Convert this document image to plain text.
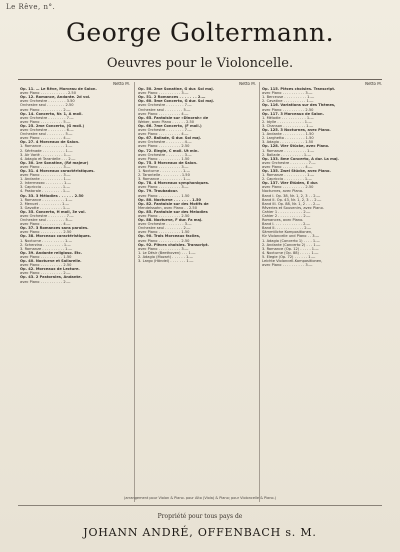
Le Rêve, n°.
George Goltermann.
Oeuvres pour le Violoncelle.
Netto M.
Op. 11. — Le Rêve, Morceau de Salon.
avec Piano . . . . . . . . . . . . 2.50
Op. 12. Romance, Andante. 2d vol.
avec Orchestre . . . . . . . . 3.50
Orchestre seul . . . . . . . . 2.50
avec Piano . . . . . . . . . . 2.—
Op. 14. Concerto, Nr. 1, A moll.
avec Orchestre . . . . . . . . 7.—
avec Piano . . . . . . . . . . 5.—
Op. 25. 2me Concerto, (G moll.)
avec Orchestre . . . . . . . . 6.—
Orchestre seul . . . . . . . . 5.—
avec Piano . . . . . . . . . . 4.—
Op. 27. 4 Morceaux de Salon.
1. Romance . . . . . . . . . . 1.—
2. Sérénade . . . . . . . . . . 1.—
3. Air Varié . . . . . . . . . . 1.—
4. Adagio et Tarantelle . . . 2.—
Op. 30. 1re Sonatine, (Ré majeur)
avec Piano . . . . . . . . . . 3.—
Op. 31. 4 Morceaux caractéristiques.
avec Piano . . . . . . . . . . 3.—
1. Andante . . . . . . . . . . 1.—
2. Intermezzo . . . . . . . . 1.—
3. Capriccio . . . . . . . . . 1.—
4. Pastorale . . . . . . . . . 1.—
Op. 33. 3 Mélodies . . . . . . 2.50
1. Romance . . . . . . . . . . 1.—
2. Menuet . . . . . . . . . . 1.—
3. Gavotte . . . . . . . . . . 1.—
Op. 35. Concerto, H moll, 3e vol.
avec Orchestre . . . . . . . . 7.—
Orchestre seul . . . . . . . . 5.—
avec Piano . . . . . . . . . . 4.—
Op. 37. 3 Romances sans paroles.
avec Piano . . . . . . . . . . 2.50
Op. 38. Morceaux caractéristiques.
1. Nocturne . . . . . . . . . . 1.—
2. Scherzino . . . . . . . . . 1.—
3. Romanze . . . . . . . . . . 1.—
Op. 39. Andante religioso. Etc.
avec Piano . . . . . . . . . . 1.50
Op. 40. Nocturne et Sallarelle.
avec Piano . . . . . . . . . . 2.50
Op. 42. Morceaux de Lecture.
avec Piano . . . . . . . . . . 2.—
Op. 43. 2 Pastorales, Andante.
avec Piano . . . . . . . . . . 2.—
Netto M.
Op. 50. 2me Sonatine, G dur. Sol maj.
avec Piano . . . . . . . . . . 3.—
Op. 51. 2 Romances . . . . . . . 2.—
Op. 60. 5me Concerto, G dur. Sol maj.
avec Orchestre . . . . . . . . 7.—
Orchestre seul . . . . . . . . 5.—
avec Piano . . . . . . . . . . 4.—
Op. 65. Fantaisie sur «Dinorah» de
Weber, avec Piano . . . . . . 2.50
Op. 66. 7me Concerto, (F moll.)
avec Orchestre . . . . . . . . 7.—
avec Piano . . . . . . . . . . 4.—
Op. 67. Ballade, G dur. Sol maj.
avec Orchestre . . . . . . . . 4.—
avec Piano . . . . . . . . . . 2.50
Op. 72. Elegie, C moll. Ut min.
avec Orchestre . . . . . . . . 3.—
avec Piano . . . . . . . . . . 1.50
Op. 75. 5 Morceaux de Salon.
avec Piano . . . . . . . . . . 3.—
1. Nocturne . . . . . . . . . . 1.—
2. Tarantelle . . . . . . . . . 1.50
3. Romance . . . . . . . . . . 1.—
Op. 78. 4 Morceaux symphoniques.
avec Piano . . . . . . . . . . 3.—
Op. 79. Troubadour.
avec Piano . . . . . . . . . . 1.50
Op. 80. Nocturne . . . . . . . 1.50
Op. 82. Fantaisie sur des Motifs de
Mendelssohn, avec Piano . . 2.50
Op. 85. Fantaisie sur des Melodies
avec Piano . . . . . . . . . . 2.50
Op. 88. Nocturne, F dur. Fa maj.
avec Orchestre . . . . . . . . 3.—
Orchestre seul . . . . . . . . 2.—
avec Piano . . . . . . . . . . 1.50
Op. 90. Trois Morceaux faciles,
avec Piano . . . . . . . . . . 2.50
Op. 92. Pièces choisies. Transcript.
avec Piano . . . . . . . . . . 3.—
1. Le Désir (Beethoven) . . . 1.—
2. Adagio (Mozart) . . . . . . 1.—
3. Largo (Händel) . . . . . . . 1.—
Netto M.
Op. 115. Pièces choisies. Transcript.
avec Piano . . . . . . . . . . 3.—
1. Berceuse . . . . . . . . . . 1.—
2. Cavatine . . . . . . . . . . 1.—
Op. 116. Variations sur des Thèmes,
avec Piano . . . . . . . . . . 2.50
Op. 117. 3 Morceaux de Salon.
1. Mélodie . . . . . . . . . . . 1.—
2. Idylle . . . . . . . . . . . . 1.—
3. Chanson . . . . . . . . . . 1.—
Op. 125. 3 Nocturnes, avec Piano.
1. Andante . . . . . . . . . . 1.50
2. Larghetto . . . . . . . . . 1.50
3. Adagio . . . . . . . . . . . 1.50
Op. 128. Vier Stücke, avec Piano.
1. Romanze . . . . . . . . . . 1.—
2. Ballade . . . . . . . . . . 1.—
Op. 133. 8me Concerto, A dur. La maj.
avec Orchestre . . . . . . . . 7.—
avec Piano . . . . . . . . . . 4.—
Op. 135. Zwei Stücke, avec Piano.
1. Romanze . . . . . . . . . . 1.—
2. Capriccio . . . . . . . . . 1.—
Op. 137. Vier Etüden, E dur.
avec Piano . . . . . . . . . . 2.50
Nocturnes, avec Piano.
Band I. Op. 38, Nr. 1, 2, 3 . . 2.—
Band II. Op. 43, Nr. 1, 2, 3 . . 2.—
Band III. Op. 88, Nr. 1, 2 . . . 2.—
Rêveries et Souvenirs, avec Piano.
Cahier 1 . . . . . . . . . . . 2.—
Cahier 2 . . . . . . . . . . . 2.—
Romances, avec Piano.
Band I. . . . . . . . . . . . . 2.—
Band II. . . . . . . . . . . . . 2.—
Sämmtliche Kompositionen,
für Violoncelle und Piano . . 3.—
1. Adagio (Concerto 1) . . . . 1.—
2. Andante (Concerto 2) . . . 1.—
3. Romance (Op. 12) . . . . . 1.—
4. Nocturne (Op. 88) . . . . . 1.—
5. Elegie (Op. 72) . . . . . . 1.—
Leichte Violoncell-Kompositionen,
avec Piano . . . . . . . . . . 3.—
(arrangement pour Violon & Piano. pour Alto (Viola) & Piano; pour Violoncelle & Piano.)
Propriété pour tous pays de
JOHANN ANDRÉ, OFFENBACH s. M.
